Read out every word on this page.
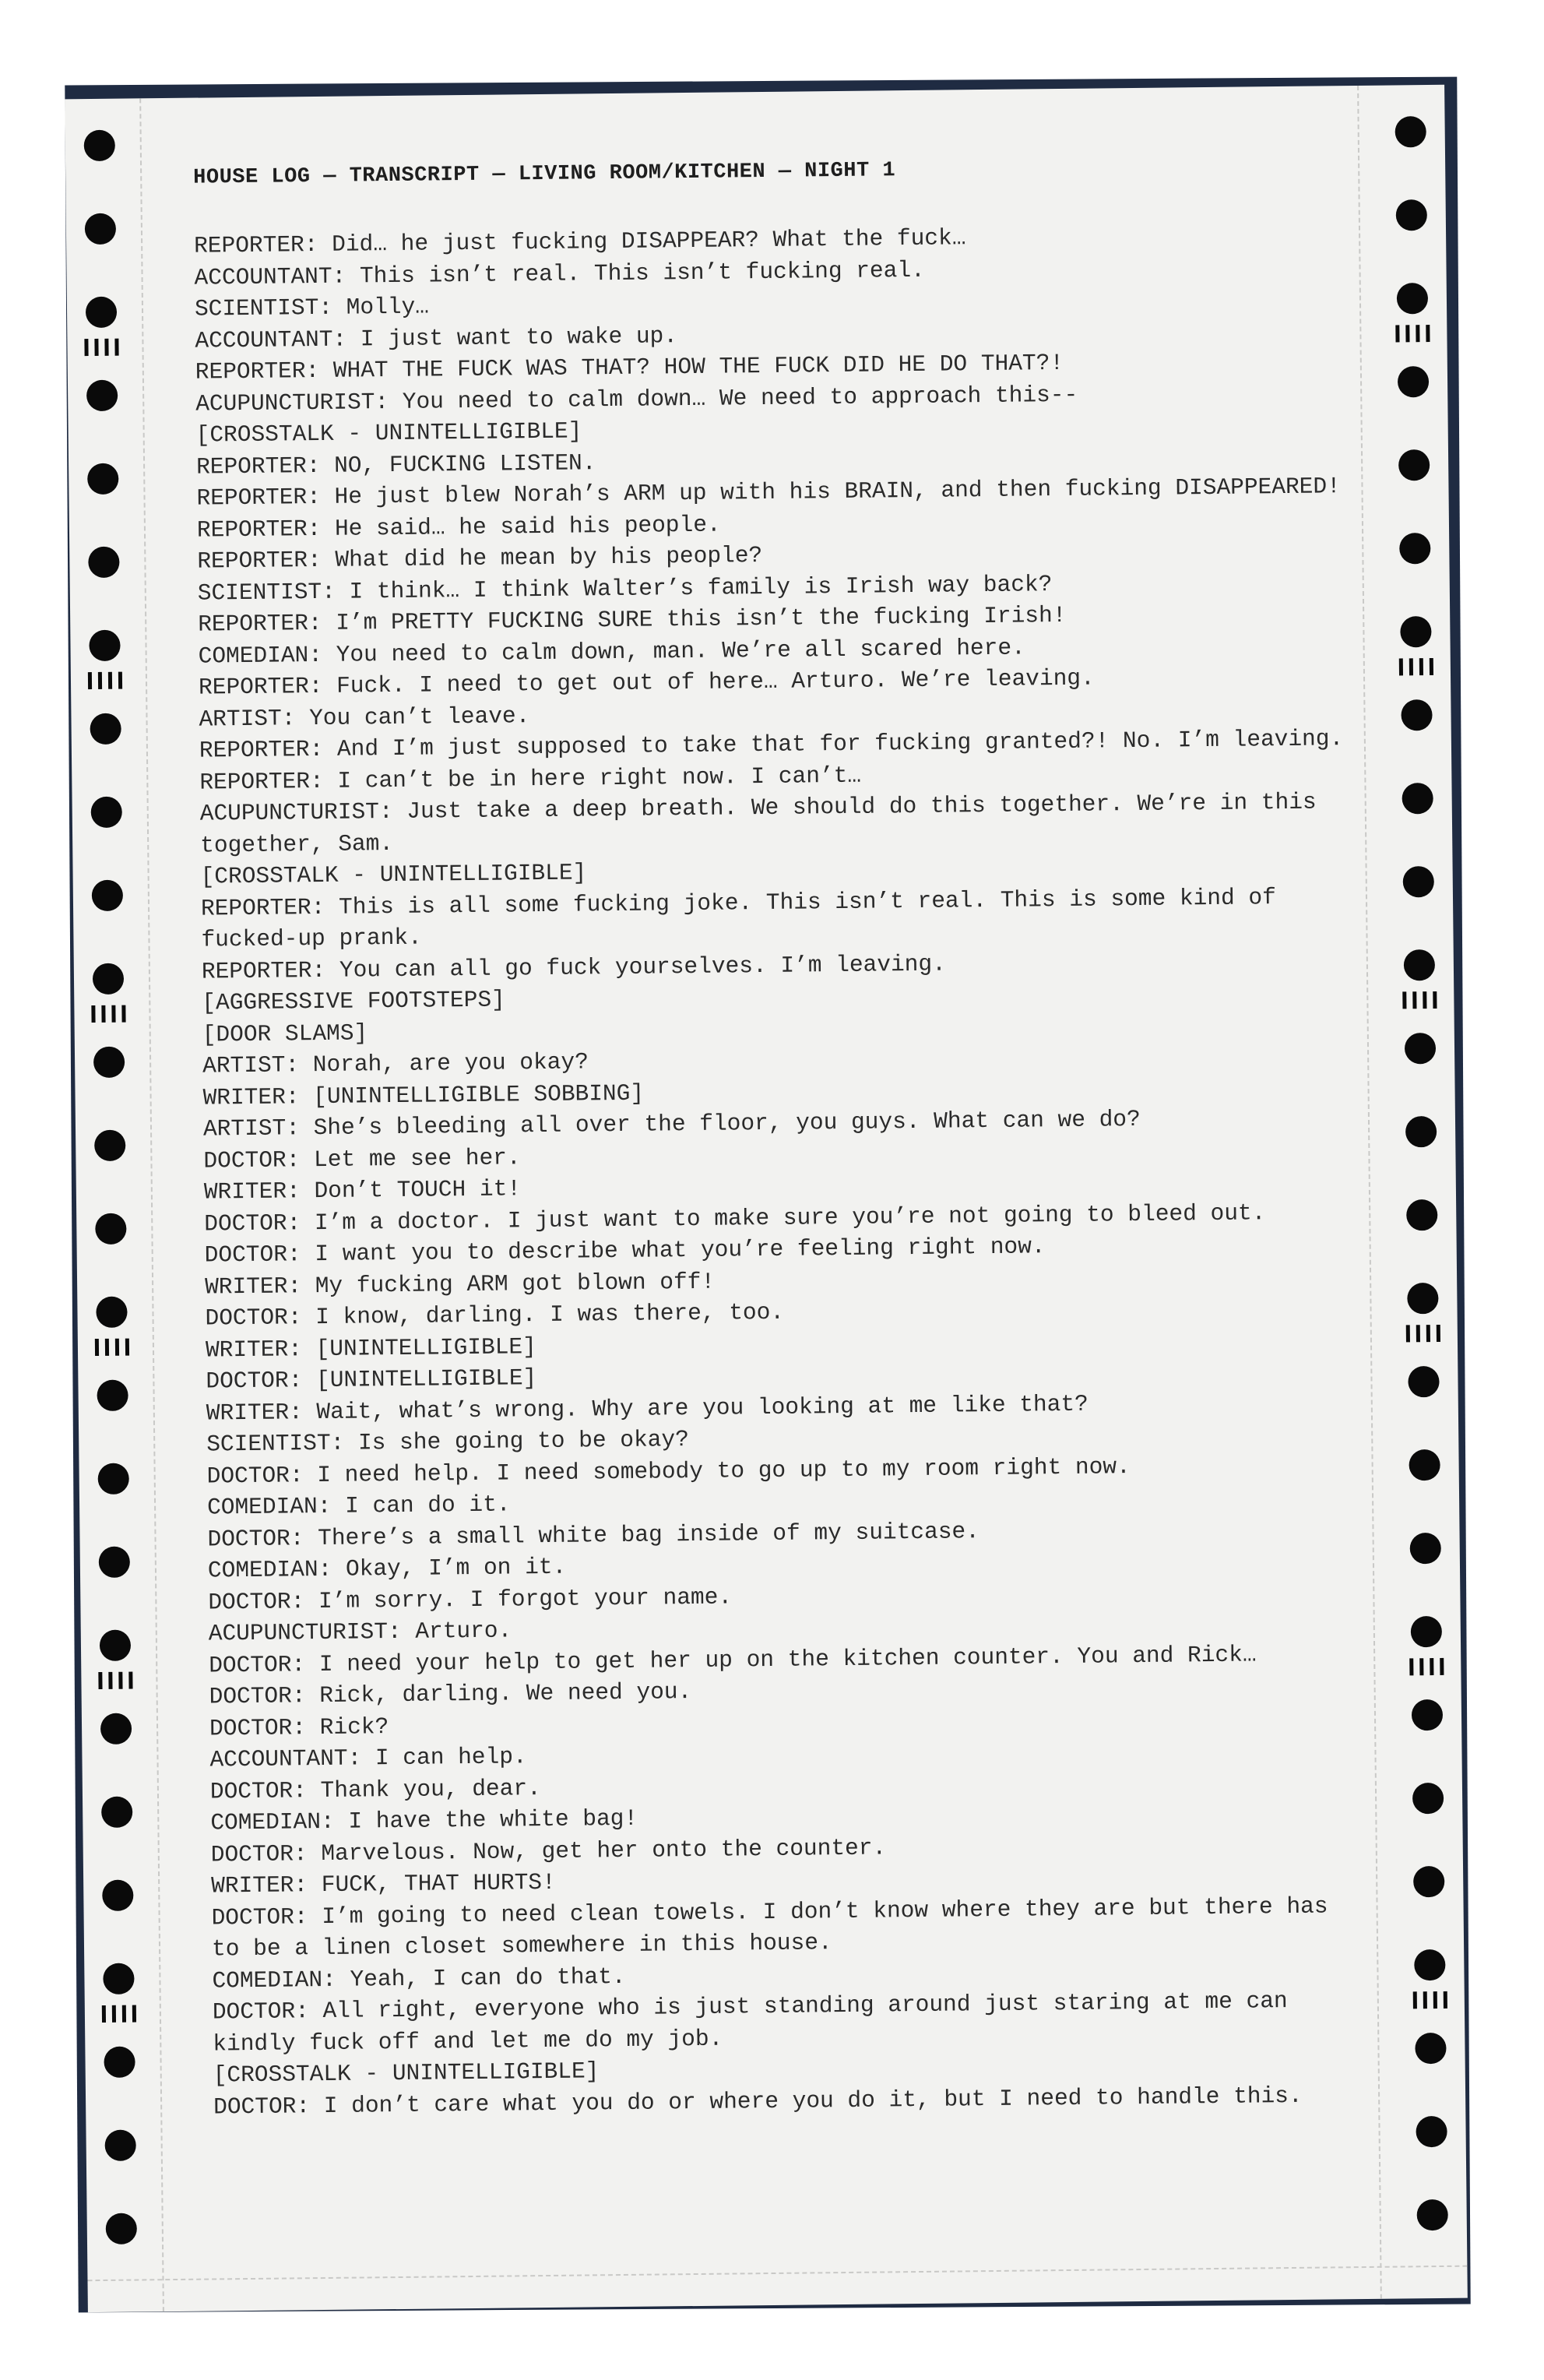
HOUSE LOG — TRANSCRIPT — LIVING ROOM/KITCHEN — NIGHT 1
REPORTER: Did… he just fucking DISAPPEAR? What the fuck…
ACCOUNTANT: This isn’t real. This isn’t fucking real.
SCIENTIST: Molly…
ACCOUNTANT: I just want to wake up.
REPORTER: WHAT THE FUCK WAS THAT? HOW THE FUCK DID HE DO THAT?!
ACUPUNCTURIST: You need to calm down… We need to approach this--
[CROSSTALK - UNINTELLIGIBLE]
REPORTER: NO, FUCKING LISTEN.
REPORTER: He just blew Norah’s ARM up with his BRAIN, and then fucking DISAPPEARED!
REPORTER: He said… he said his people.
REPORTER: What did he mean by his people?
SCIENTIST: I think… I think Walter’s family is Irish way back?
REPORTER: I’m PRETTY FUCKING SURE this isn’t the fucking Irish!
COMEDIAN: You need to calm down, man. We’re all scared here.
REPORTER: Fuck. I need to get out of here… Arturo. We’re leaving.
ARTIST: You can’t leave.
REPORTER: And I’m just supposed to take that for fucking granted?! No. I’m leaving.
REPORTER: I can’t be in here right now. I can’t…
ACUPUNCTURIST: Just take a deep breath. We should do this together. We’re in this together, Sam.
[CROSSTALK - UNINTELLIGIBLE]
REPORTER: This is all some fucking joke. This isn’t real. This is some kind of fucked-up prank.
REPORTER: You can all go fuck yourselves. I’m leaving.
[AGGRESSIVE FOOTSTEPS]
[DOOR SLAMS]
ARTIST: Norah, are you okay?
WRITER: [UNINTELLIGIBLE SOBBING]
ARTIST: She’s bleeding all over the floor, you guys. What can we do?
DOCTOR: Let me see her.
WRITER: Don’t TOUCH it!
DOCTOR: I’m a doctor. I just want to make sure you’re not going to bleed out.
DOCTOR: I want you to describe what you’re feeling right now.
WRITER: My fucking ARM got blown off!
DOCTOR: I know, darling. I was there, too.
WRITER: [UNINTELLIGIBLE]
DOCTOR: [UNINTELLIGIBLE]
WRITER: Wait, what’s wrong. Why are you looking at me like that?
SCIENTIST: Is she going to be okay?
DOCTOR: I need help. I need somebody to go up to my room right now.
COMEDIAN: I can do it.
DOCTOR: There’s a small white bag inside of my suitcase.
COMEDIAN: Okay, I’m on it.
DOCTOR: I’m sorry. I forgot your name.
ACUPUNCTURIST: Arturo.
DOCTOR: I need your help to get her up on the kitchen counter. You and Rick…
DOCTOR: Rick, darling. We need you.
DOCTOR: Rick?
ACCOUNTANT: I can help.
DOCTOR: Thank you, dear.
COMEDIAN: I have the white bag!
DOCTOR: Marvelous. Now, get her onto the counter.
WRITER: FUCK, THAT HURTS!
DOCTOR: I’m going to need clean towels. I don’t know where they are but there has to be a linen closet somewhere in this house.
COMEDIAN: Yeah, I can do that.
DOCTOR: All right, everyone who is just standing around just staring at me can kindly fuck off and let me do my job.
[CROSSTALK - UNINTELLIGIBLE]
DOCTOR: I don’t care what you do or where you do it, but I need to handle this.
